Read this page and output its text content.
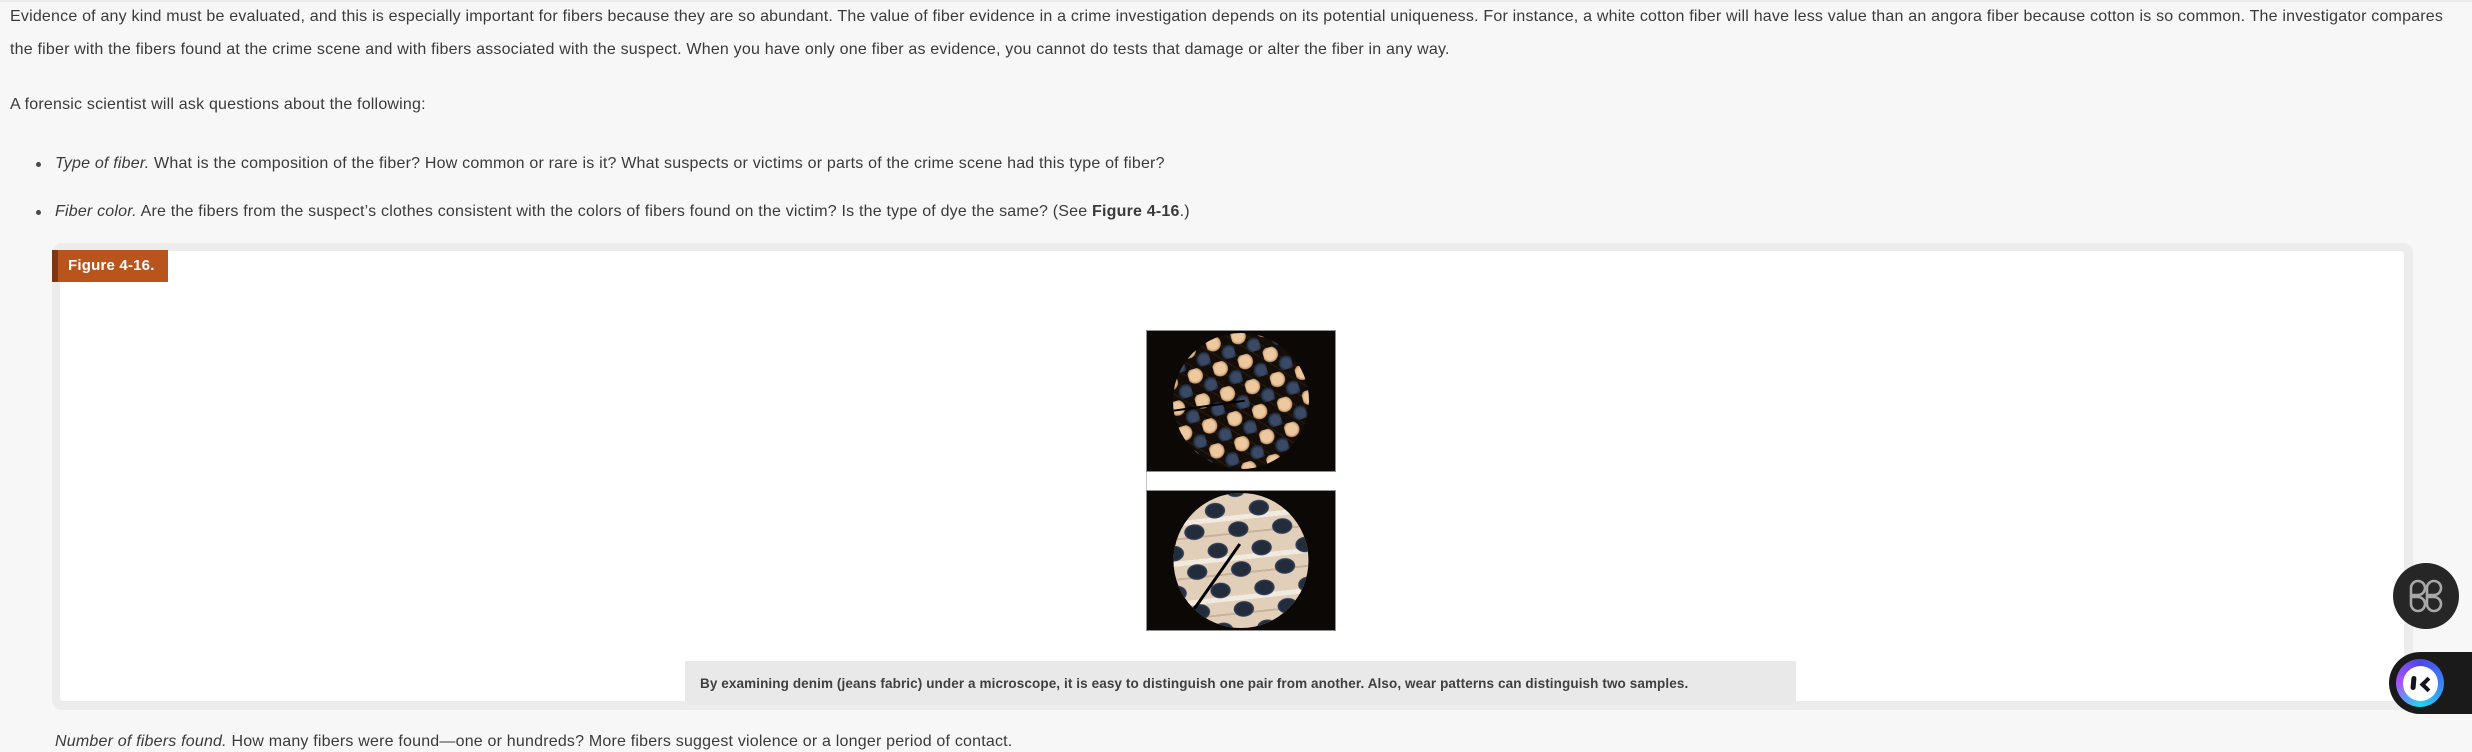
Evidence of any kind must be evaluated, and this is especially important for fibers because they are so abundant. The value of fiber evidence in a crime investigation depends on its potential uniqueness. For instance, a white cotton fiber will have less value than an angora fiber because cotton is so common. The investigator compares the fiber with the fibers found at the crime scene and with fibers associated with the suspect. When you have only one fiber as evidence, you cannot do tests that damage or alter the fiber in any way.

A forensic scientist will ask questions about the following:

Type of fiber. What is the composition of the fiber? How common or rare is it? What suspects or victims or parts of the crime scene had this type of fiber?
Fiber color. Are the fibers from the suspect’s clothes consistent with the colors of fibers found on the victim? Is the type of dye the same? (See Figure 4-16.)
By examining denim (jeans fabric) under a microscope, it is easy to distinguish one pair from another. Also, wear patterns can distinguish two samples.
Figure 4-16.
Number of fibers found. How many fibers were found—one or hundreds? More fibers suggest violence or a longer period of contact.
